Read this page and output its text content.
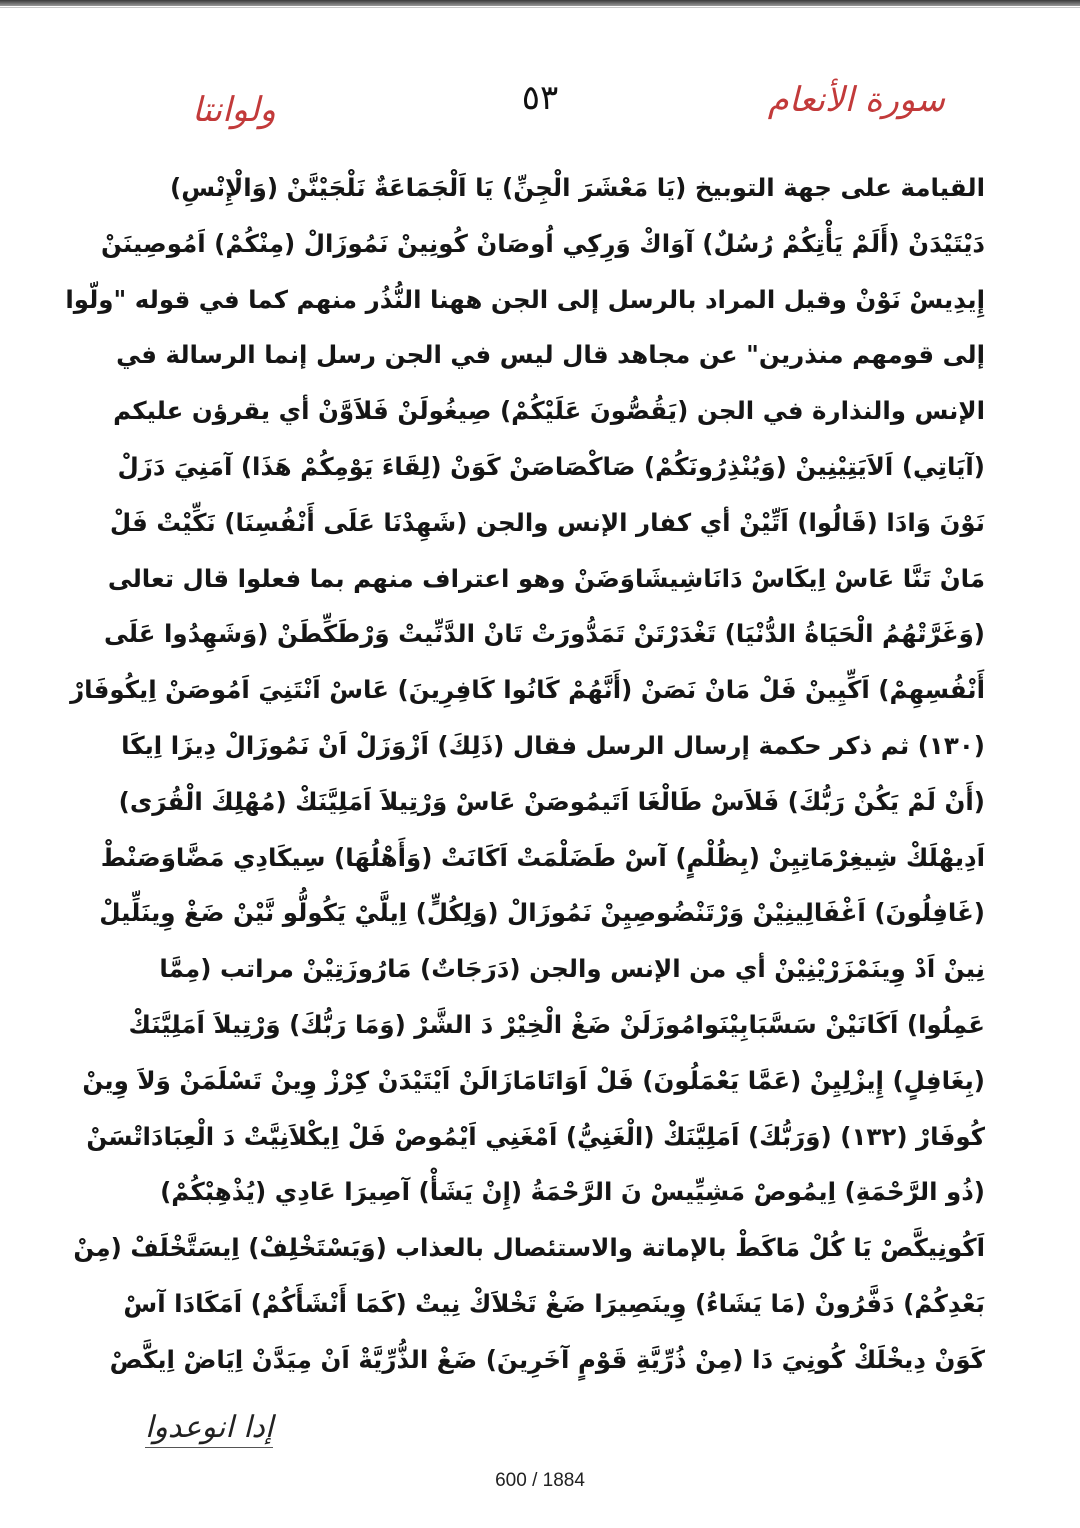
سورة الأنعام
٥٣
ولوانتا
القيامة على جهة التوبيخ (يَا مَعْشَرَ الْجِنِّ) يَا اَلْجَمَاعَةٌ نَلْجَيْنَّنْ (وَالْإِنْسِ)
دَيْتَيْدَنْ (أَلَمْ يَأْتِكُمْ رُسُلٌ) آوَاكْ وَرِكِي اُوصَانْ كُونِينْ نَمُوزَالْ (مِنْكُمْ) اَمُوصِينَنْ
إِيدِيسْ نَوْنْ وقيل المراد بالرسل إلى الجن ههنا النُّذُر منهم كما في قوله "ولّوا
إلى قومهم منذرين" عن مجاهد قال ليس في الجن رسل إنما الرسالة في
الإنس والنذارة في الجن (يَقُصُّونَ عَلَيْكُمْ) صِيغُولَنْ فَلاَوَّنْ أي يقرؤن عليكم
(آيَاتِي) اَلاَيَتِيْنِينْ (وَيُنْذِرُونَكُمْ) صَاكْصَاصَنْ كَوَنْ (لِقَاءَ يَوْمِكُمْ هَذَا) آمَنِيَ دَزَلْ
نَوْنَ وَادَا (قَالُوا) اَتِّيْنْ أي كفار الإنس والجن (شَهِدْنَا عَلَى أَنْفُسِنَا) نَكِّيْتْ فَلْ
مَانْ تَنَّا عَاسْ اِيكَاسْ دَانَاشِيشَاوَضَنْ وهو اعتراف منهم بما فعلوا قال تعالى
(وَغَرَّتْهُمُ الْحَيَاةُ الدُّنْيَا) تَغْدَرْتَنْ تَمَدُّورَتْ تَانْ الدَّنِّيتْ وَرْطَكِّطَنْ (وَشَهِدُوا عَلَى
أَنْفُسِهِمْ) اَكِّيِينْ فَلْ مَانْ نَصَنْ (أَنَّهُمْ كَانُوا كَافِرِينَ) عَاسْ اَنْتَنِيَ اَمُوصَنْ اِيكُوفَارْ
(١٣٠) ثم ذكر حكمة إرسال الرسل فقال (ذَلِكَ) اَزْوَزَلْ اَنْ نَمُوزَالْ دِيزَا اِيكَا
(أَنْ لَمْ يَكُنْ رَبُّكَ) فَلاَسْ طَالْغَا اَتَيمُوصَنْ عَاسْ وَرْتِيلاَ اَمَلِيَّنَكْ (مُهْلِكَ الْقُرَى)
اَدِيهْلَكْ شِيغِرْمَاتِيِنْ (بِظُلْمٍ) آسْ طَضَلْمَتْ اَكَانَتْ (وَأَهْلُهَا) سِيكَادِي مَضَّاوَصَنْطْ
(غَافِلُونَ) اَغْفَالِينِيْنْ وَرْتَنْضُوصِيِنْ نَمُوزَالْ (وَلِكُلٍّ) اِيلَّيْ يَكُولُّو نَّيْنْ ضَغْ وِينَلِّيلْ
نِينْ اَدْ وِينَمْزَرْيْنِيْنْ أي من الإنس والجن (دَرَجَاتٌ) مَارُوزَتِيْنْ مراتب (مِمَّا
عَمِلُوا) اَكَانَيْنْ سَسَّبَابِيْنَوامُوزَلَنْ ضَغْ الْخِيْرْ دَ الشَّرْ (وَمَا رَبُّكَ) وَرْتِيلاَ اَمَلِيَّنَكْ
(بِغَافِلٍ) إِيزْلِيِنْ (عَمَّا يَعْمَلُونَ) فَلْ اَوَاتَامَازَالَنْ اَيْتَيْدَنْ كِرْزْ وِينْ تَسْلَمَنْ وَلاَ وِينْ
كُوفَارْ (١٣٢) (وَرَبُّكَ) اَمَلِيَّنَكْ (الْغَنِيُّ) اَمْغَنِي اَيْمُوصْ فَلْ اِيكْلاَنِيَّتْ دَ الْعِبَادَاتْسَنْ
(ذُو الرَّحْمَةِ) اِيمُوصْ مَشِيِّيسْ نَ الرَّحْمَةُ (إِنْ يَشَأْ) آصِيرَا عَادِي (يُذْهِبْكُمْ)
اَكُونِيكَّصْ يَا كُلْ مَاكَطْ بالإماتة والاستئصال بالعذاب (وَيَسْتَخْلِفْ) اِيسَتَّخْلَفْ (مِنْ
بَعْدِكُمْ) دَفَّرُونْ (مَا يَشَاءُ) وِينَصِيرَا ضَغْ تَخْلاَكْ نِيتْ (كَمَا أَنْشَأَكُمْ) اَمَكَادَا آسْ
كَوَنْ دِيخْلَكْ كُونِيَ دَا (مِنْ ذُرِّيَّةِ قَوْمٍ آخَرِينَ) ضَغْ الذُّرِّيَّةْ اَنْ مِيَدَّنْ اِيَاضْ اِيكَّصْ
إدا انوعدوا
600 / 1884
